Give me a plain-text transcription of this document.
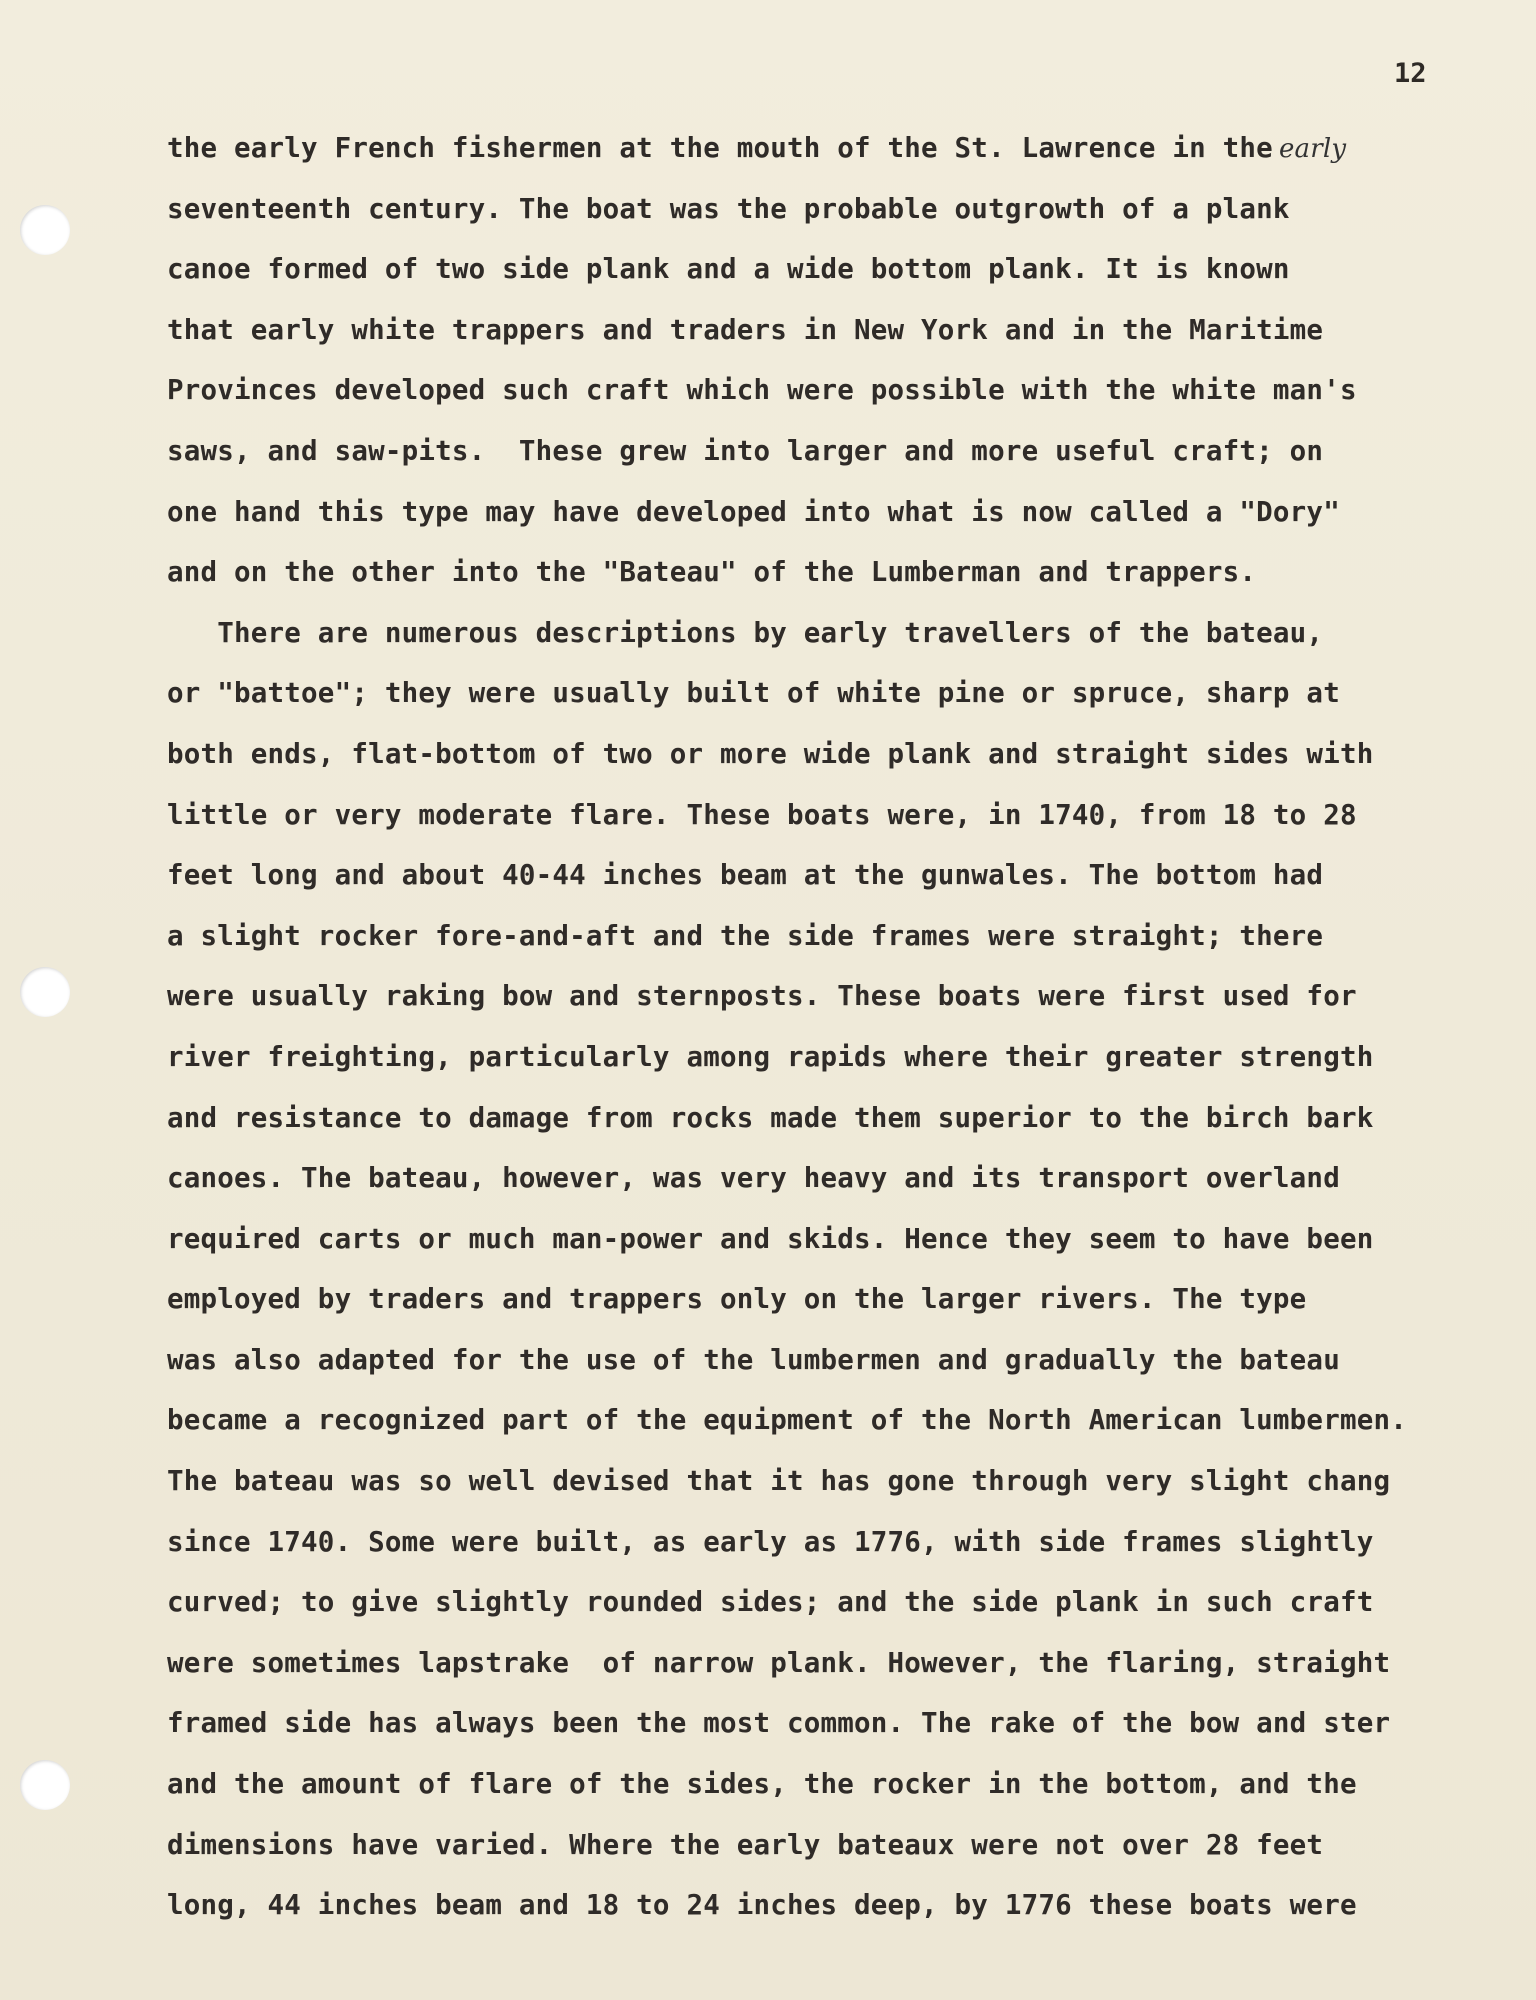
12
the early French fishermen at the mouth of the St. Lawrence in the early
seventeenth century. The boat was the probable outgrowth of a plank
canoe formed of two side plank and a wide bottom plank. It is known
that early white trappers and traders in New York and in the Maritime
Provinces developed such craft which were possible with the white man's
saws, and saw-pits.  These grew into larger and more useful craft; on
one hand this type may have developed into what is now called a "Dory"
and on the other into the "Bateau" of the Lumberman and trappers.
There are numerous descriptions by early travellers of the bateau,
or "battoe"; they were usually built of white pine or spruce, sharp at
both ends, flat-bottom of two or more wide plank and straight sides with
little or very moderate flare. These boats were, in 1740, from 18 to 28
feet long and about 40-44 inches beam at the gunwales. The bottom had
a slight rocker fore-and-aft and the side frames were straight; there
were usually raking bow and sternposts. These boats were first used for
river freighting, particularly among rapids where their greater strength
and resistance to damage from rocks made them superior to the birch bark
canoes. The bateau, however, was very heavy and its transport overland
required carts or much man-power and skids. Hence they seem to have been
employed by traders and trappers only on the larger rivers. The type
was also adapted for the use of the lumbermen and gradually the bateau
became a recognized part of the equipment of the North American lumbermen.
The bateau was so well devised that it has gone through very slight chang
since 1740. Some were built, as early as 1776, with side frames slightly
curved; to give slightly rounded sides; and the side plank in such craft
were sometimes lapstrake  of narrow plank. However, the flaring, straight
framed side has always been the most common. The rake of the bow and ster
and the amount of flare of the sides, the rocker in the bottom, and the
dimensions have varied. Where the early bateaux were not over 28 feet
long, 44 inches beam and 18 to 24 inches deep, by 1776 these boats were
